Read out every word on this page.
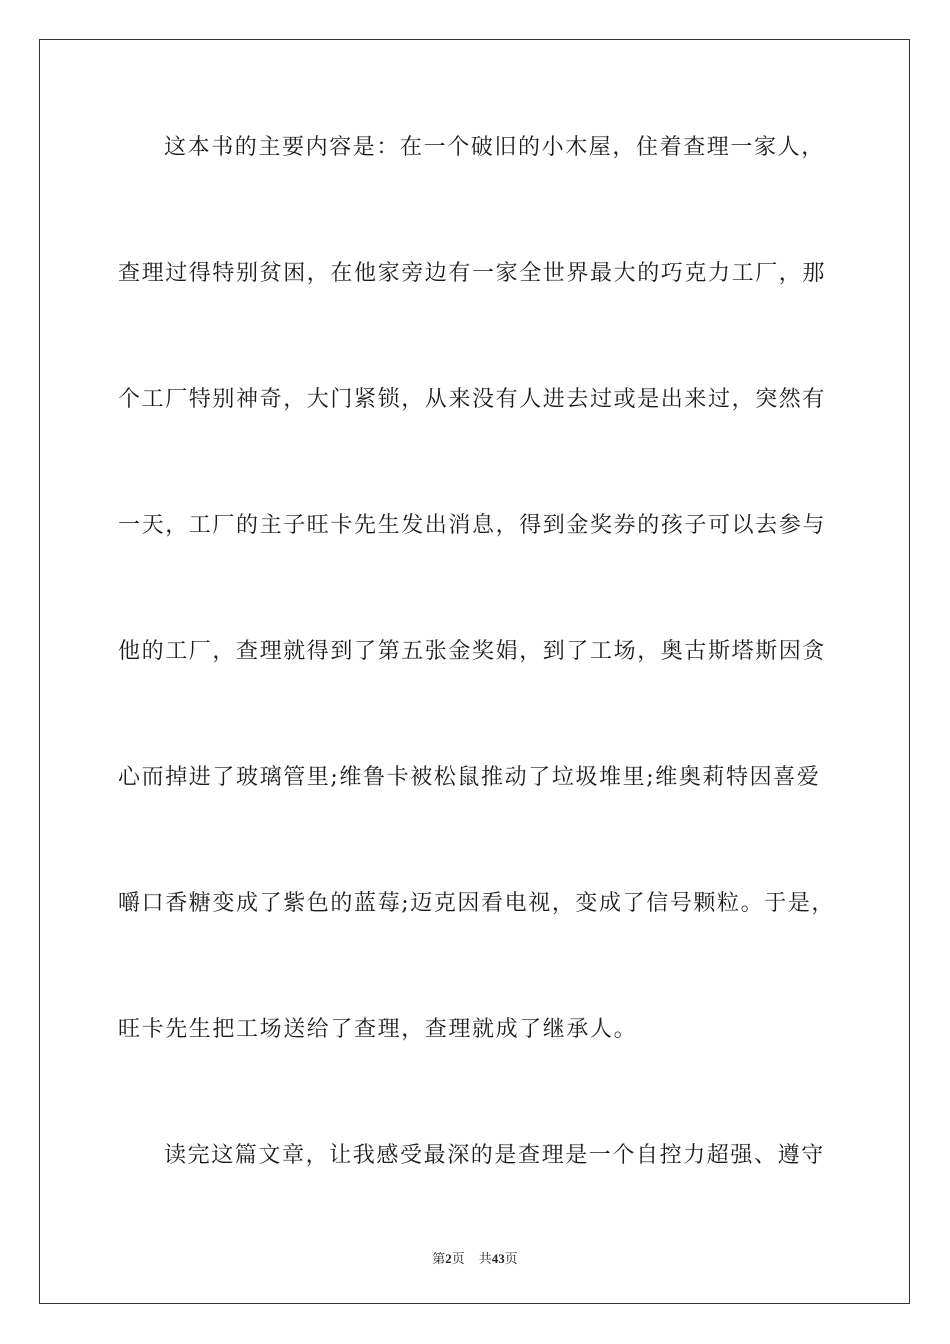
这本书的主要内容是：在一个破旧的小木屋，住着查理一家人，
查理过得特别贫困，在他家旁边有一家全世界最大的巧克力工厂，那
个工厂特别神奇，大门紧锁，从来没有人进去过或是出来过，突然有
一天，工厂的主子旺卡先生发出消息，得到金奖券的孩子可以去参与
他的工厂，查理就得到了第五张金奖娟，到了工场，奥古斯塔斯因贪
心而掉进了玻璃管里;维鲁卡被松鼠推动了垃圾堆里;维奥莉特因喜爱
嚼口香糖变成了紫色的蓝莓;迈克因看电视，变成了信号颗粒。于是，
旺卡先生把工场送给了查理，查理就成了继承人。
读完这篇文章，让我感受最深的是查理是一个自控力超强、遵守
第2页 共43页
